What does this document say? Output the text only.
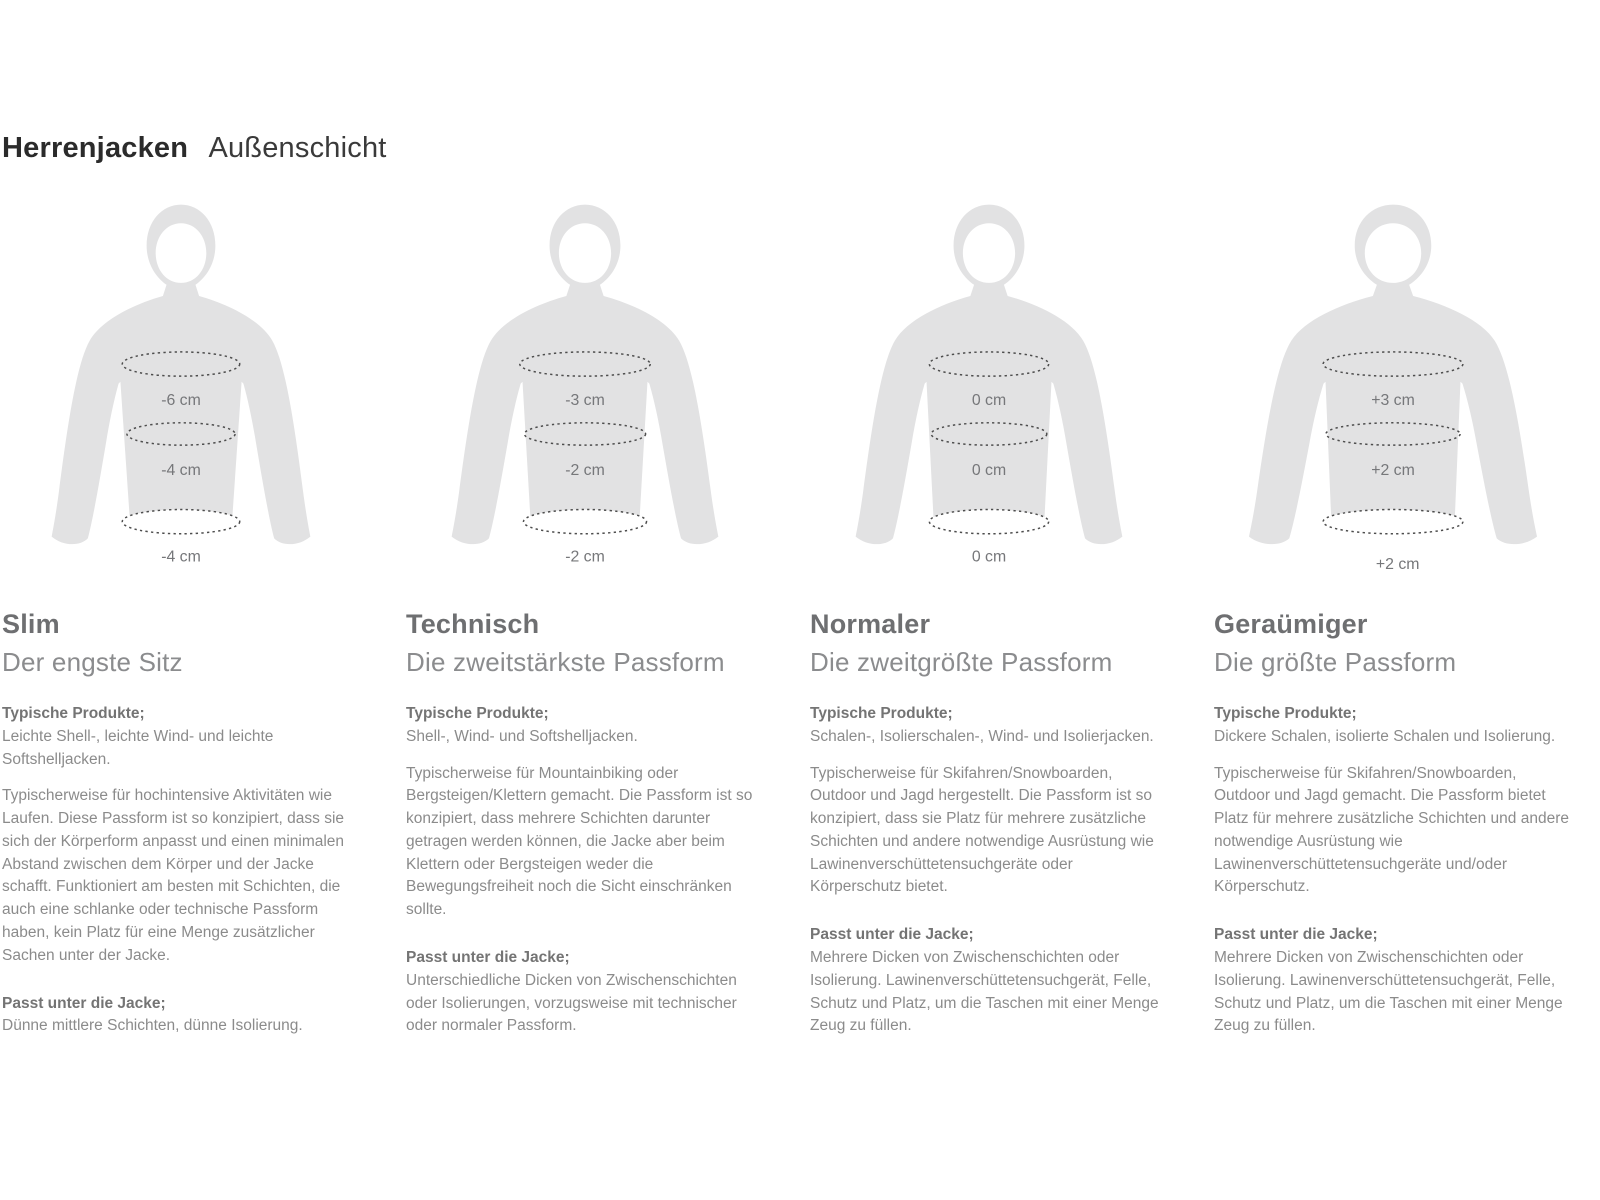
Herrenjacken Außenschicht
-6 cm
-4 cm
-4 cm
Slim
Der engste Sitz
Typische Produkte;
Leichte Shell-, leichte Wind- und leichte Softshelljacken.
Typischerweise für hochintensive Aktivitäten wie Laufen. Diese Passform ist so konzipiert, dass sie sich der Körperform anpasst und einen minimalen Abstand zwischen dem Körper und der Jacke schafft. Funktioniert am besten mit Schichten, die auch eine schlanke oder technische Passform haben, kein Platz für eine Menge zusätzlicher Sachen unter der Jacke.
Passt unter die Jacke;
Dünne mittlere Schichten, dünne Isolierung.
-3 cm
-2 cm
-2 cm
Technisch
Die zweitstärkste Passform
Typische Produkte;
Shell-, Wind- und Softshelljacken.
Typischerweise für Mountainbiking oder Bergsteigen/Klettern gemacht. Die Passform ist so konzipiert, dass mehrere Schichten darunter getragen werden können, die Jacke aber beim Klettern oder Bergsteigen weder die Bewegungsfreiheit noch die Sicht einschränken sollte.
Passt unter die Jacke;
Unterschiedliche Dicken von Zwischenschichten oder Isolierungen, vorzugsweise mit technischer oder normaler Passform.
0 cm
0 cm
0 cm
Normaler
Die zweitgrößte Passform
Typische Produkte;
Schalen-, Isolierschalen-, Wind- und Isolierjacken.
Typischerweise für Skifahren/Snowboarden, Outdoor und Jagd hergestellt. Die Passform ist so konzipiert, dass sie Platz für mehrere zusätzliche Schichten und andere notwendige Ausrüstung wie Lawinenverschüttetensuchgeräte oder Körperschutz bietet.
Passt unter die Jacke;
Mehrere Dicken von Zwischenschichten oder Isolierung. Lawinenverschüttetensuchgerät, Felle, Schutz und Platz, um die Taschen mit einer Menge Zeug zu füllen.
+3 cm
+2 cm
+2 cm
Geraümiger
Die größte Passform
Typische Produkte;
Dickere Schalen, isolierte Schalen und Isolierung.
Typischerweise für Skifahren/Snowboarden, Outdoor und Jagd gemacht. Die Passform bietet Platz für mehrere zusätzliche Schichten und andere notwendige Ausrüstung wie Lawinenverschüttetensuchgeräte und/oder Körperschutz.
Passt unter die Jacke;
Mehrere Dicken von Zwischenschichten oder Isolierung. Lawinenverschüttetensuchgerät, Felle, Schutz und Platz, um die Taschen mit einer Menge Zeug zu füllen.
